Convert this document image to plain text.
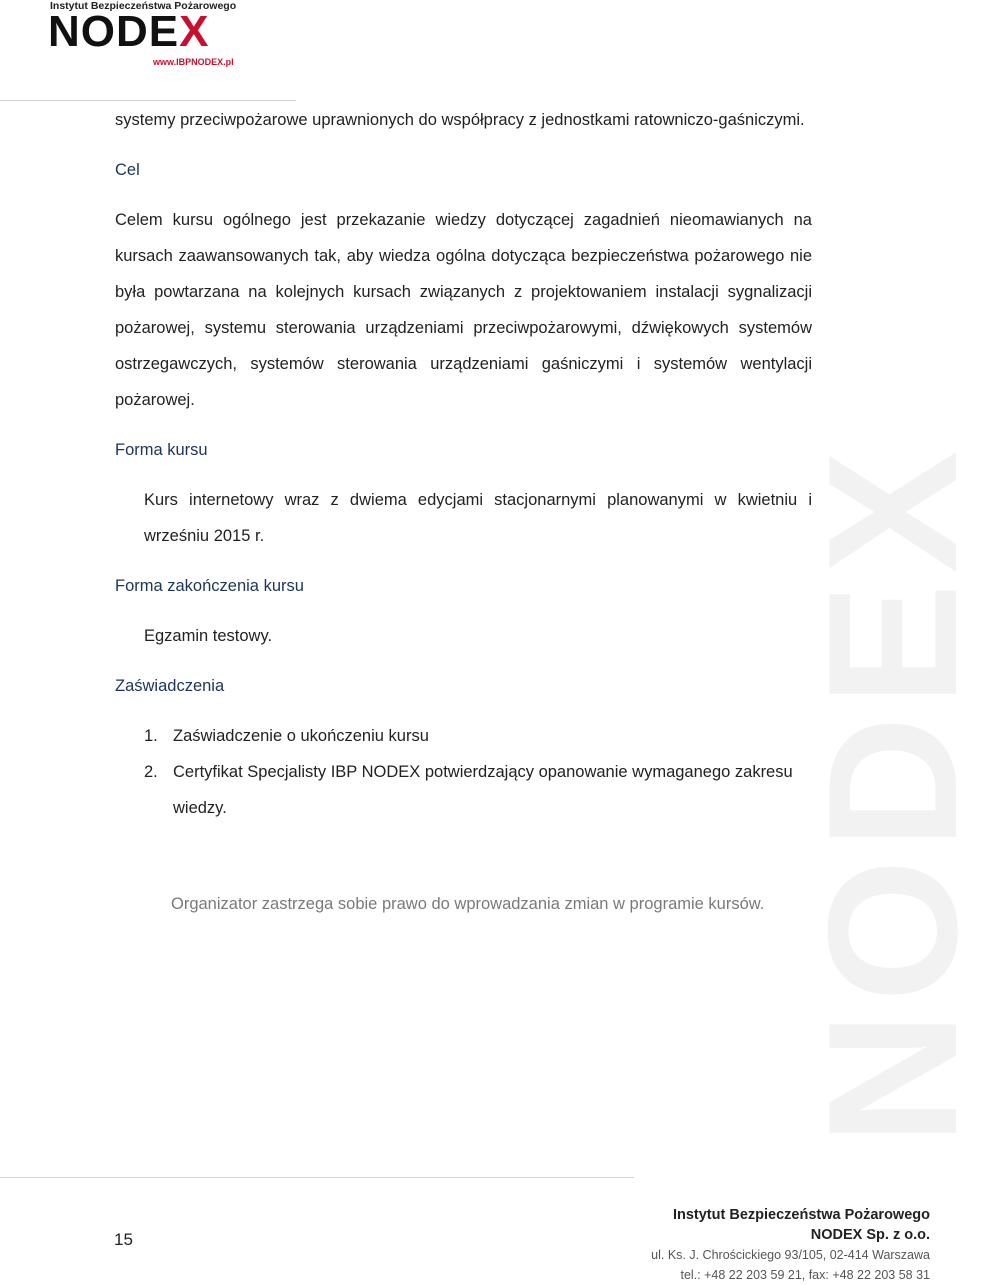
Instytut Bezpieczeństwa Pożarowego
NODEX
www.IBPNODEX.pl
NODEX

systemy przeciwpożarowe uprawnionych do współpracy z jednostkami ratowniczo-gaśniczymi.

Cel

Celem kursu ogólnego jest przekazanie wiedzy dotyczącej zagadnień nieomawianych na kursach zaawansowanych tak, aby wiedza ogólna dotycząca bezpieczeństwa pożarowego nie była powtarzana na kolejnych kursach związanych z projektowaniem instalacji sygnalizacji pożarowej, systemu sterowania urządzeniami przeciwpożarowymi, dźwiękowych systemów ostrzegawczych, systemów sterowania urządzeniami gaśniczymi i systemów wentylacji pożarowej.

Forma kursu

Kurs internetowy wraz z dwiema edycjami stacjonarnymi planowanymi w kwietniu i wrześniu 2015 r.

Forma zakończenia kursu

Egzamin testowy.

Zaświadczenia
1. Zaświadczenie o ukończeniu kursu
2. Certyfikat Specjalisty IBP NODEX potwierdzający opanowanie wymaganego zakresu wiedzy.

Organizator zastrzega sobie prawo do wprowadzania zmian w programie kursów.

15
Instytut Bezpieczeństwa Pożarowego
NODEX Sp. z o.o.
ul. Ks. J. Chrościckiego 93/105, 02-414 Warszawa
tel.: +48 22 203 59 21, fax: +48 22 203 58 31
